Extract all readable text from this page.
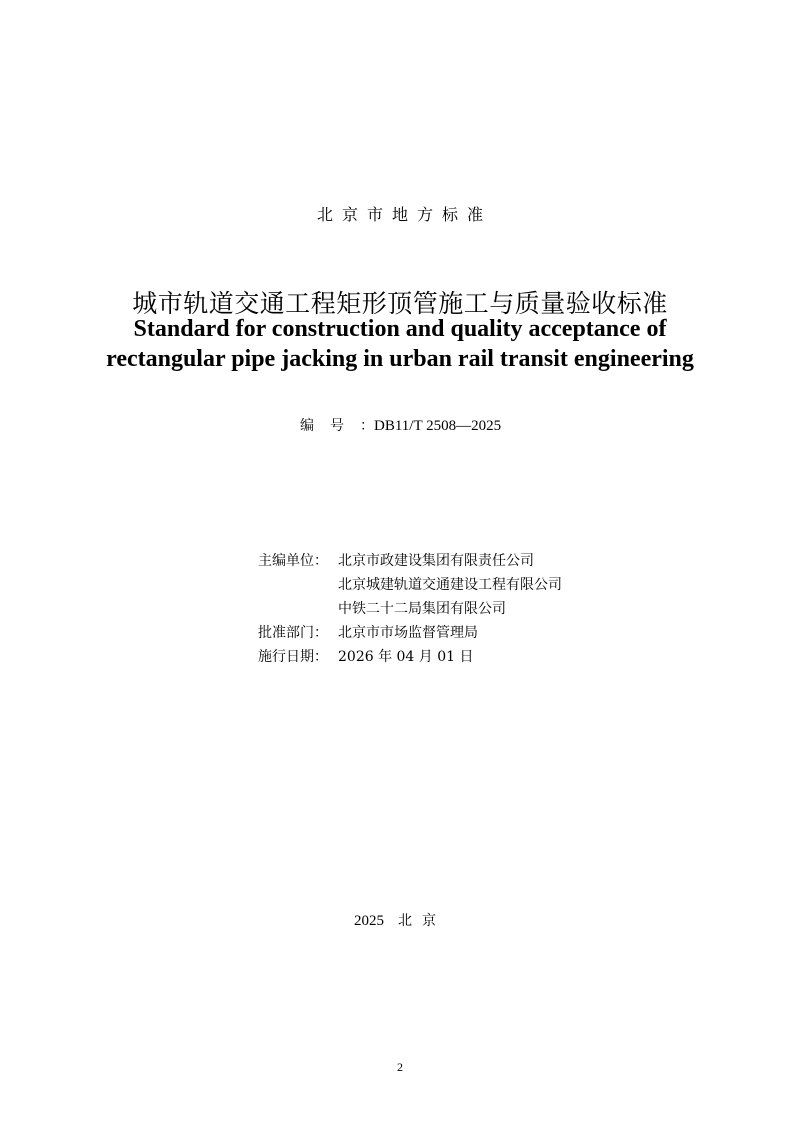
北京市地方标准
城市轨道交通工程矩形顶管施工与质量验收标准
Standard for construction and quality acceptance of
rectangular pipe jacking in urban rail transit engineering
编号：DB11/T 2508—2025
主编单位： 北京市政建设集团有限责任公司
北京城建轨道交通建设工程有限公司
中铁二十二局集团有限公司
批准部门： 北京市市场监督管理局
施行日期： 2026 年 04 月 01 日
2025 北京
2
